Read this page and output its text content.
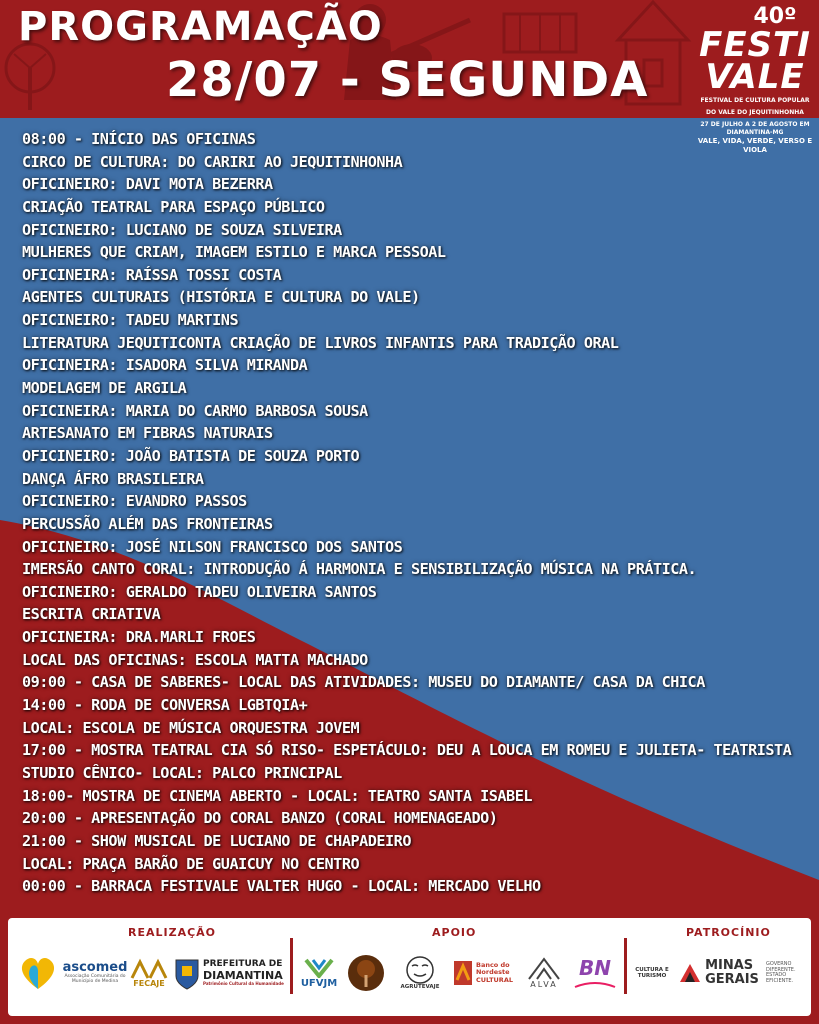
PROGRAMAÇÃO
28/07 - SEGUNDA
40º
FESTI
VALE
FESTIVAL DE CULTURA POPULAR
DO VALE DO JEQUITINHONHA
27 DE JULHO A 2 DE AGOSTO EM DIAMANTINA-MG
VALE, VIDA, VERDE, VERSO E VIOLA
08:00 - INÍCIO DAS OFICINAS
CIRCO DE CULTURA: DO CARIRI AO JEQUITINHONHA
OFICINEIRO: DAVI MOTA BEZERRA
CRIAÇÃO TEATRAL PARA ESPAÇO PÚBLICO
OFICINEIRO: LUCIANO DE SOUZA SILVEIRA
MULHERES QUE CRIAM, IMAGEM ESTILO E MARCA PESSOAL
OFICINEIRA: RAÍSSA TOSSI COSTA
AGENTES CULTURAIS (HISTÓRIA E CULTURA DO VALE)
OFICINEIRO: TADEU MARTINS
LITERATURA JEQUITICONTA CRIAÇÃO DE LIVROS INFANTIS PARA TRADIÇÃO ORAL
OFICINEIRA: ISADORA SILVA MIRANDA
MODELAGEM DE ARGILA
OFICINEIRA: MARIA DO CARMO BARBOSA SOUSA
ARTESANATO EM FIBRAS NATURAIS
OFICINEIRO: JOÃO BATISTA DE SOUZA PORTO
DANÇA ÁFRO BRASILEIRA
OFICINEIRO: EVANDRO PASSOS
PERCUSSÃO ALÉM DAS FRONTEIRAS
OFICINEIRO: JOSÉ NILSON FRANCISCO DOS SANTOS
IMERSÃO CANTO CORAL: INTRODUÇÃO Á HARMONIA E SENSIBILIZAÇÃO MÚSICA NA PRÁTICA.
OFICINEIRO: GERALDO TADEU OLIVEIRA SANTOS
ESCRITA CRIATIVA
OFICINEIRA: DRA.MARLI FROES
LOCAL DAS OFICINAS: ESCOLA MATTA MACHADO
09:00 - CASA DE SABERES- LOCAL DAS ATIVIDADES: MUSEU DO DIAMANTE/ CASA DA CHICA
14:00 - RODA DE CONVERSA LGBTQIA+
LOCAL: ESCOLA DE MÚSICA ORQUESTRA JOVEM
17:00 - MOSTRA TEATRAL CIA SÓ RISO- ESPETÁCULO: DEU A LOUCA EM ROMEU E JULIETA- TEATRISTA
STUDIO CÊNICO- LOCAL: PALCO PRINCIPAL
18:00- MOSTRA DE CINEMA ABERTO - LOCAL: TEATRO SANTA ISABEL
20:00 - APRESENTAÇÃO DO CORAL BANZO (CORAL HOMENAGEADO)
21:00 - SHOW MUSICAL DE LUCIANO DE CHAPADEIRO
LOCAL: PRAÇA BARÃO DE GUAICUY NO CENTRO
00:00 - BARRACA FESTIVALE VALTER HUGO - LOCAL: MERCADO VELHO
REALIZAÇÃO	APOIO	PATROCÍNIO
ascomed
Associação Comunitária do Município de Medina	FECAJE
PREFEITURA DE
DIAMANTINA
Patrimônio Cultural da Humanidade UFVJM	AGRUTEVAJE
Banco do
Nordeste
CULTURAL
ALVA
BN	CULTURA E
TURISMO
MINAS
GERAIS
GOVERNO
DIFERENTE.
ESTADO
EFICIENTE.
